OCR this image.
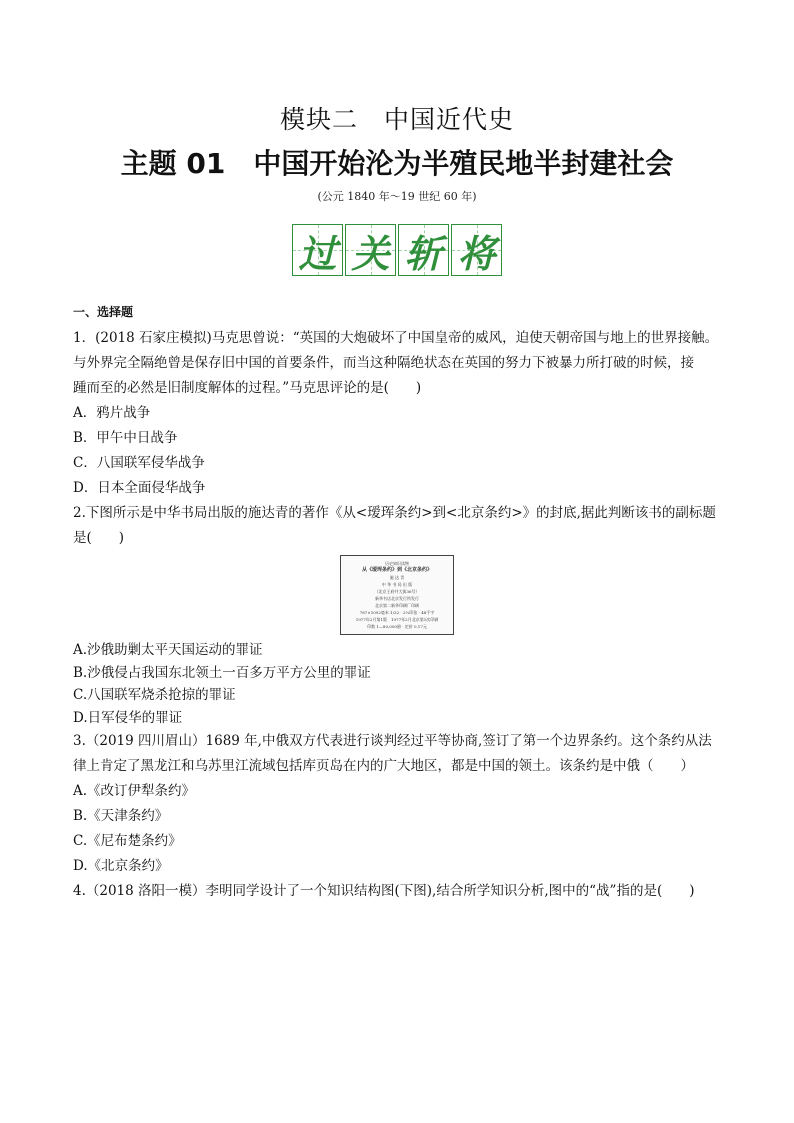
模块二　中国近代史
主题 01　中国开始沦为半殖民地半封建社会
(公元 1840 年～19 世纪 60 年)
过 关 斩 将
一、选择题

1．(2018 石家庄模拟)马克思曾说：“英国的大炮破坏了中国皇帝的威风，迫使天朝帝国与地上的世界接触。

与外界完全隔绝曾是保存旧中国的首要条件，而当这种隔绝状态在英国的努力下被暴力所打破的时候，接

踵而至的必然是旧制度解体的过程。”马克思评论的是(　　)

A．鸦片战争

B．甲午中日战争

C．八国联军侵华战争

D．日本全面侵华战争

2.下图所示是中华书局出版的施达青的著作《从<瑷珲条约>到<北京条约>》的封底,据此判断该书的副标题

是(　　)

历史知识读物
从《瑷珲条约》到《北京条约》
施 达 青
中 华 书 局 出 版
（北京王府井大街36号）
新华书店北京发行所发行
北京第二新华印刷厂印刷
787×1092毫米 1/32 · 2⅜印张 · 48千字
1977年2月第1版　1977年2月北京第1次印刷
印数 1—80,000册 · 定价 0.17元

A.沙俄助剿太平天国运动的罪证

B.沙俄侵占我国东北领土一百多万平方公里的罪证

C.八国联军烧杀抢掠的罪证

D.日军侵华的罪证

3.（2019 四川眉山）1689 年,中俄双方代表进行谈判经过平等协商,签订了第一个边界条约。这个条约从法

律上肯定了黑龙江和乌苏里江流域包括库页岛在内的广大地区，都是中国的领土。该条约是中俄（　　）

A.《改订伊犁条约》

B.《天津条约》

C.《尼布楚条约》

D.《北京条约》

4.（2018 洛阳一模）李明同学设计了一个知识结构图(下图),结合所学知识分析,图中的“战”指的是(　　)
